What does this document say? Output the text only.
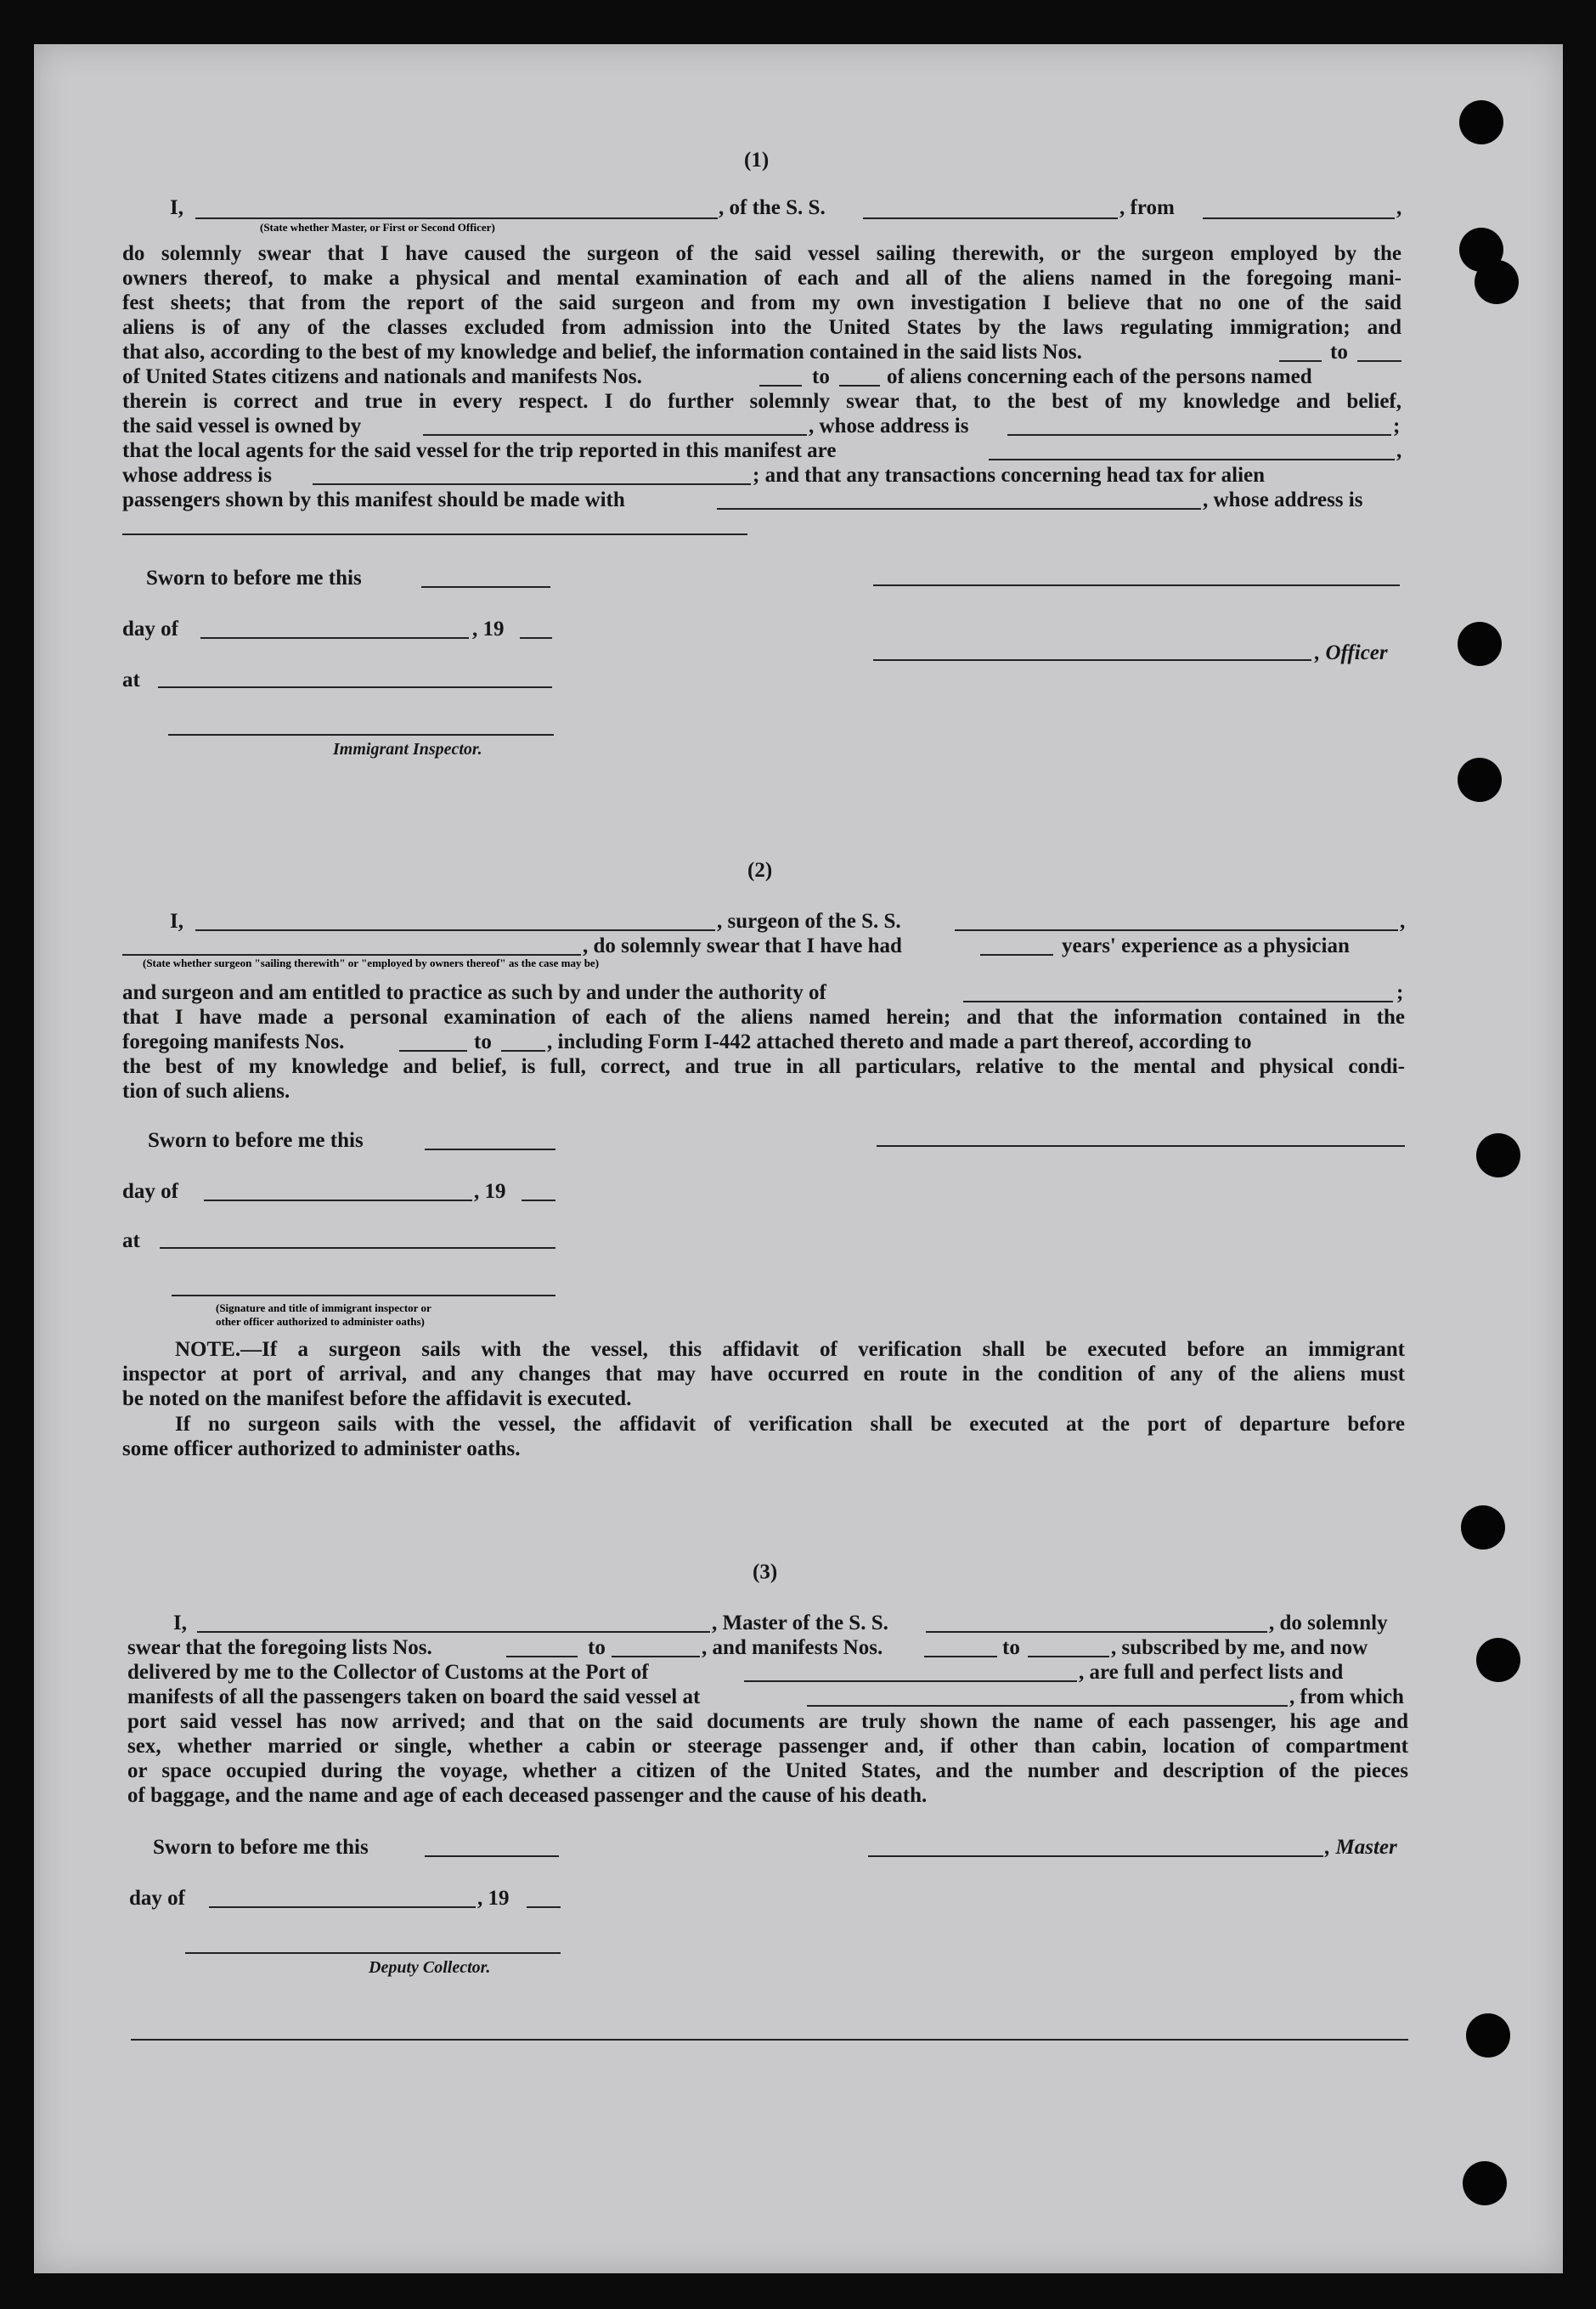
(1)
I,	, of the S. S.	, from	,
(State whether Master, or First or Second Officer)
do solemnly swear that I have caused the surgeon of the said vessel sailing therewith, or the surgeon employed by the
owners thereof, to make a physical and mental examination of each and all of the aliens named in the foregoing mani-
fest sheets; that from the report of the said surgeon and from my own investigation I believe that no one of the said
aliens is of any of the classes excluded from admission into the United States by the laws regulating immigration; and
that also, according to the best of my knowledge and belief, the information contained in the said lists Nos.	to
of United States citizens and nationals and manifests Nos.	to	of aliens concerning each of the persons named
therein is correct and true in every respect. I do further solemnly swear that, to the best of my knowledge and belief,
the said vessel is owned by	, whose address is	;
that the local agents for the said vessel for the trip reported in this manifest are	,
whose address is	; and that any transactions concerning head tax for alien
passengers shown by this manifest should be made with	, whose address is
Sworn to before me this
day of	, 19
, Officer
at
Immigrant Inspector.
(2)
I,	, surgeon of the S. S.	,
, do solemnly swear that I have had	years' experience as a physician
(State whether surgeon "sailing therewith" or "employed by owners thereof" as the case may be)
and surgeon and am entitled to practice as such by and under the authority of	;
that I have made a personal examination of each of the aliens named herein; and that the information contained in the
foregoing manifests Nos.	to	, including Form I-442 attached thereto and made a part thereof, according to
the best of my knowledge and belief, is full, correct, and true in all particulars, relative to the mental and physical condi-
tion of such aliens.
Sworn to before me this
day of	, 19
at
(Signature and title of immigrant inspector or
other officer authorized to administer oaths)
NOTE.—If a surgeon sails with the vessel, this affidavit of verification shall be executed before an immigrant
inspector at port of arrival, and any changes that may have occurred en route in the condition of any of the aliens must
be noted on the manifest before the affidavit is executed.
If no surgeon sails with the vessel, the affidavit of verification shall be executed at the port of departure before
some officer authorized to administer oaths.
(3)
I,	, Master of the S. S.	, do solemnly
swear that the foregoing lists Nos.	to	, and manifests Nos.	to	, subscribed by me, and now
delivered by me to the Collector of Customs at the Port of	, are full and perfect lists and
manifests of all the passengers taken on board the said vessel at	, from which
port said vessel has now arrived; and that on the said documents are truly shown the name of each passenger, his age and
sex, whether married or single, whether a cabin or steerage passenger and, if other than cabin, location of compartment
or space occupied during the voyage, whether a citizen of the United States, and the number and description of the pieces
of baggage, and the name and age of each deceased passenger and the cause of his death.
Sworn to before me this	, Master
day of	, 19
Deputy Collector.
